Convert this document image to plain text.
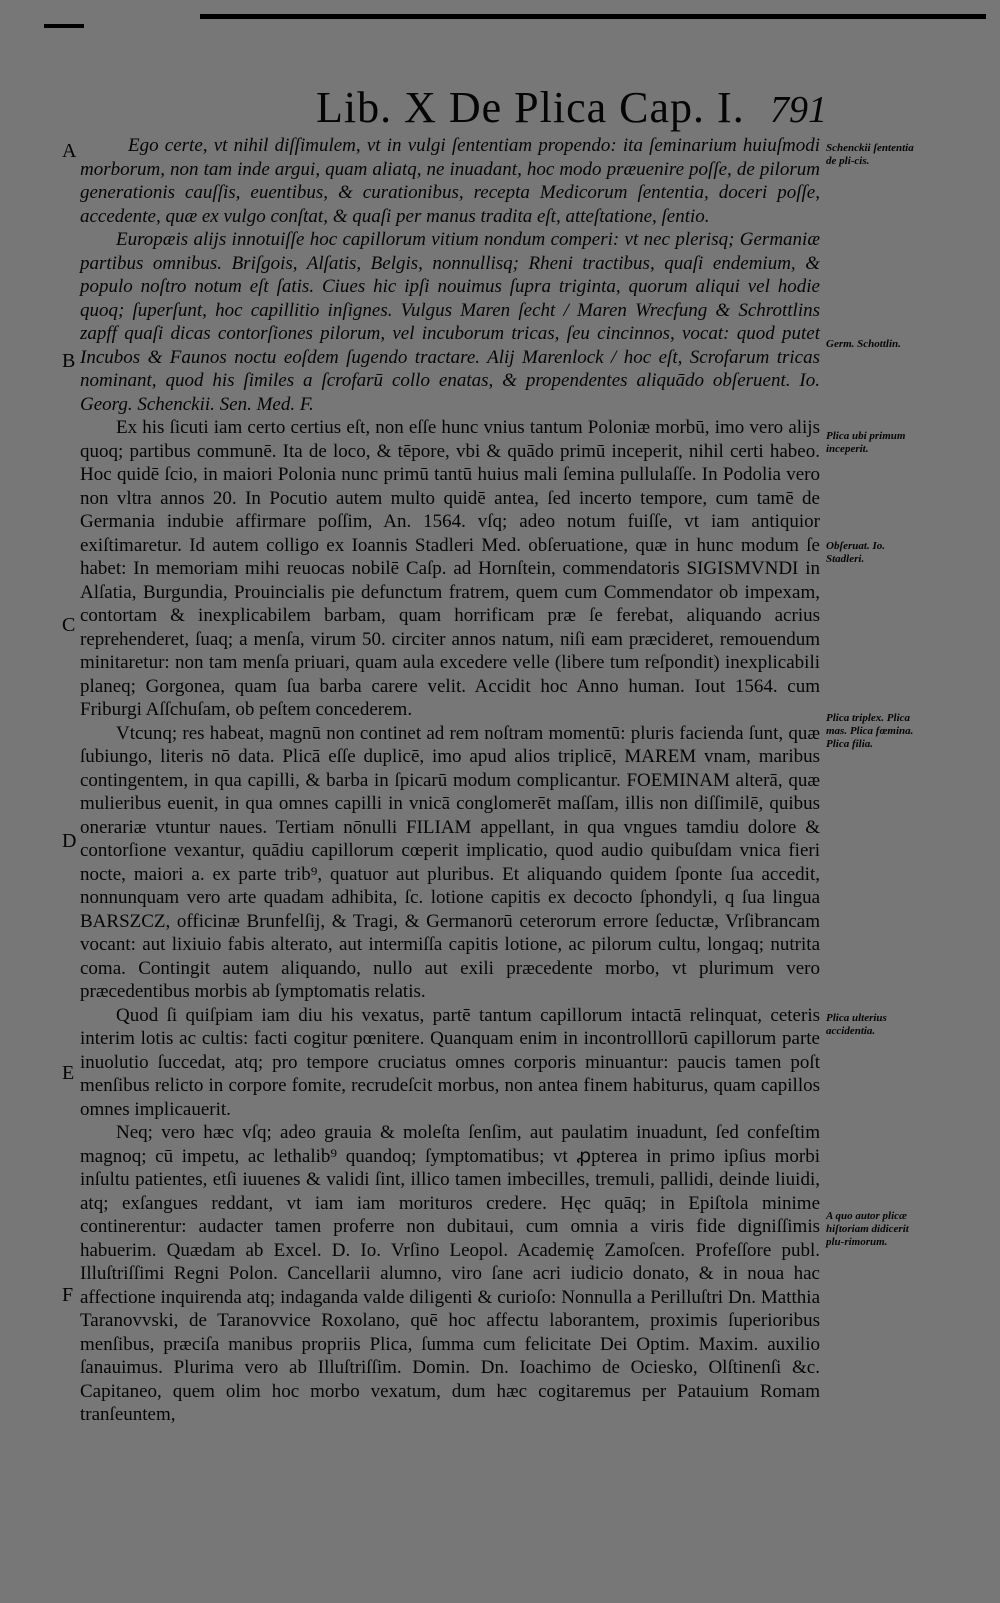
Lib. X De Plica Cap. I. 791
A
B
C
D
E
F

Ego certe, vt nihil diſſimulem, vt in vulgi ſententiam propendo: ita ſeminarium huiuſmodi morborum, non tam inde argui, quam aliatq, ne inuadant, hoc modo præuenire poſſe, de pilorum generationis cauſſis, euentibus, & curationibus, recepta Medicorum ſententia, doceri poſſe, accedente, quæ ex vulgo conſtat, & quaſi per manus tradita eſt, atteſtatione, ſentio.

Europæis alijs innotuiſſe hoc capillorum vitium nondum comperi: vt nec plerisq; Germaniæ partibus omnibus. Briſgois, Alſatis, Belgis, nonnullisq; Rheni tractibus, quaſi endemium, & populo noſtro notum eſt ſatis. Ciues hic ipſi nouimus ſupra triginta, quorum aliqui vel hodie quoq; ſuperſunt, hoc capillitio inſignes. Vulgus Maren ſecht / Maren Wrecfung & Schrottlins zapff quaſi dicas contorſiones pilorum, vel incuborum tricas, ſeu cincinnos, vocat: quod putet Incubos & Faunos noctu eoſdem ſugendo tractare. Alij Marenlock / hoc eſt, Scrofarum tricas nominant, quod his ſimiles a ſcrofarū collo enatas, & propendentes aliquādo obſeruent. Io. Georg. Schenckii. Sen. Med. F.

Ex his ſicuti iam certo certius eſt, non eſſe hunc vnius tantum Poloniæ morbū, imo vero alijs quoq; partibus communē. Ita de loco, & tēpore, vbi & quādo primū inceperit, nihil certi habeo. Hoc quidē ſcio, in maiori Polonia nunc primū tantū huius mali ſemina pullulaſſe. In Podolia vero non vltra annos 20. In Pocutio autem multo quidē antea, ſed incerto tempore, cum tamē de Germania indubie affirmare poſſim, An. 1564. vſq; adeo notum fuiſſe, vt iam antiquior exiſtimaretur. Id autem colligo ex Ioannis Stadleri Med. obſeruatione, quæ in hunc modum ſe habet: In memoriam mihi reuocas nobilē Caſp. ad Hornſtein, commendatoris SIGISMVNDI in Alſatia, Burgundia, Prouincialis pie defunctum fratrem, quem cum Commendator ob impexam, contortam & inexplicabilem barbam, quam horrificam præ ſe ferebat, aliquando acrius reprehenderet, ſuaq; a menſa, virum 50. circiter annos natum, niſi eam præcideret, remouendum minitaretur: non tam menſa priuari, quam aula excedere velle (libere tum reſpondit) inexplicabili planeq; Gorgonea, quam ſua barba carere velit. Accidit hoc Anno human. Iout 1564. cum Friburgi Aſſchuſam, ob peſtem concederem.

Vtcunq; res habeat, magnū non continet ad rem noſtram momentū: pluris facienda ſunt, quæ ſubiungo, literis nō data. Plicā eſſe duplicē, imo apud alios triplicē, MAREM vnam, maribus contingentem, in qua capilli, & barba in ſpicarū modum complicantur. FOEMINAM alterā, quæ mulieribus euenit, in qua omnes capilli in vnicā conglomerēt maſſam, illis non diſſimilē, quibus onerariæ vtuntur naues. Tertiam nōnulli FILIAM appellant, in qua vngues tamdiu dolore & contorſione vexantur, quādiu capillorum cœperit implicatio, quod audio quibuſdam vnica fieri nocte, maiori a. ex parte trib⁹, quatuor aut pluribus. Et aliquando quidem ſponte ſua accedit, nonnunquam vero arte quadam adhibita, ſc. lotione capitis ex decocto ſphondyli, q ſua lingua BARSZCZ, officinæ Brunfelſij, & Tragi, & Germanorū ceterorum errore ſeductæ, Vrſibrancam vocant: aut lixiuio fabis alterato, aut intermiſſa capitis lotione, ac pilorum cultu, longaq; nutrita coma. Contingit autem aliquando, nullo aut exili præcedente morbo, vt plurimum vero præcedentibus morbis ab ſymptomatis relatis.

Quod ſi quiſpiam iam diu his vexatus, partē tantum capillorum intactā relinquat, ceteris interim lotis ac cultis: facti cogitur pœnitere. Quanquam enim in incontrolllorū capillorum parte inuolutio ſuccedat, atq; pro tempore cruciatus omnes corporis minuantur: paucis tamen poſt menſibus relicto in corpore fomite, recrudeſcit morbus, non antea finem habiturus, quam capillos omnes implicauerit.

Neq; vero hæc vſq; adeo grauia & moleſta ſenſim, aut paulatim inuadunt, ſed confeſtim magnoq; cū impetu, ac lethalib⁹ quandoq; ſymptomatibus; vt ꝓpterea in primo ipſius morbi inſultu patientes, etſi iuuenes & validi ſint, illico tamen imbecilles, tremuli, pallidi, deinde liuidi, atq; exſangues reddant, vt iam iam morituros credere. Hęc quāq; in Epiſtola minime continerentur: audacter tamen proferre non dubitaui, cum omnia a viris fide digniſſimis habuerim. Quædam ab Excel. D. Io. Vrſino Leopol. Academię Zamoſcen. Profeſſore publ. Illuſtriſſimi Regni Polon. Cancellarii alumno, viro ſane acri iudicio donato, & in noua hac affectione inquirenda atq; indaganda valde diligenti & curioſo: Nonnulla a Perilluſtri Dn. Matthia Taranovvski, de Taranovvice Roxolano, quē hoc affectu laborantem, proximis ſuperioribus menſibus, præciſa manibus propriis Plica, ſumma cum felicitate Dei Optim. Maxim. auxilio ſanauimus. Plurima vero ab Illuſtriſſim. Domin. Dn. Ioachimo de Ociesko, Olſtinenſi &c. Capitaneo, quem olim hoc morbo vexatum, dum hæc cogitaremus per Patauium Romam tranſeuntem,

Schenckii ſententia de pli-cis.
Germ. Schottlin.
Plica ubi primum inceperit.
Obſeruat. Io. Stadleri.
Plica triplex. Plica mas. Plica fœmina. Plica filia.
Plica ulterius accidentia.
A quo autor plicæ hiſtoriam didicerit plu-rimorum.
